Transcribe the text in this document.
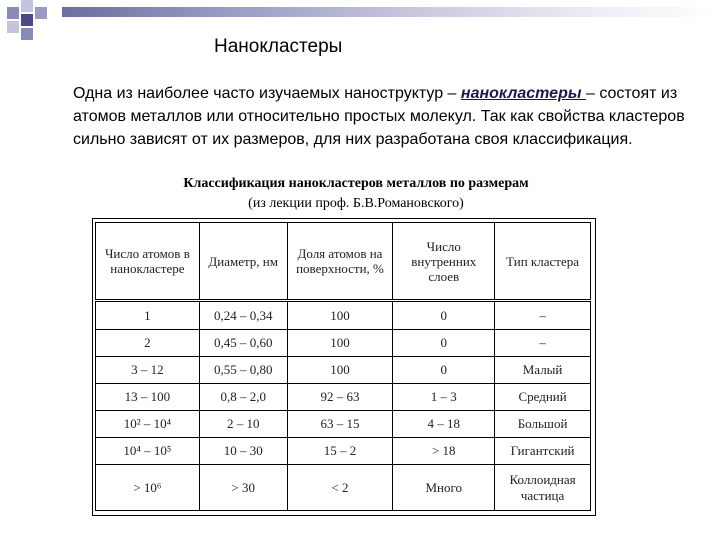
Нанокластеры
Одна из наиболее часто изучаемых наноструктур – нанокластеры – состоят из атомов металлов или относительно простых молекул. Так как свойства кластеров сильно зависят от их размеров, для них разработана своя классификация.
Классификация нанокластеров металлов по размерам
(из лекции проф. Б.В.Романовского)
Число атомов в нанокластере	Диаметр, нм	Доля атомов на поверхности, %	Число внутренних слоев	Тип кластера
1	0,24 – 0,34	100	0	–
2	0,45 – 0,60	100	0	–
3 – 12	0,55 – 0,80	100	0	Малый
13 – 100	0,8 – 2,0	92 – 63	1 – 3	Средний
10² – 10⁴	2 – 10	63 – 15	4 – 18	Большой
10⁴ – 10⁵	10 – 30	15 – 2	> 18	Гигантский
> 10⁶	> 30	< 2	Много	Коллоидная частица
